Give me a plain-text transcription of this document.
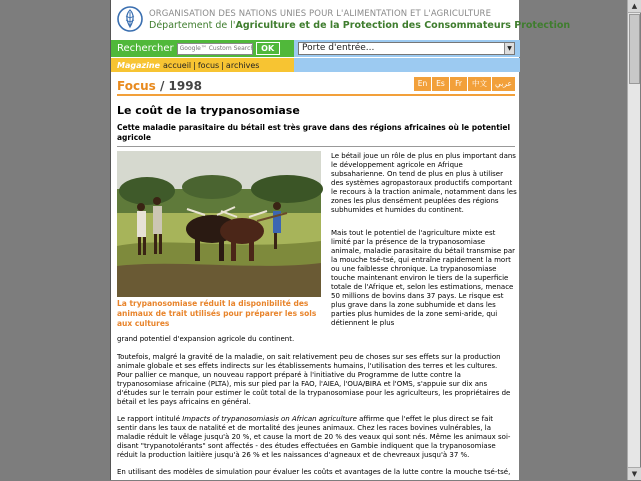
ORGANISATION DES NATIONS UNIES POUR L'ALIMENTATION ET L'AGRICULTURE
Département de l'Agriculture et de la Protection des Consommateurs Protection
Rechercher
Google™ Custom Search	OK	Porte d'entrée...	▼
Magazine accueil | focus | archives
Focus / 1998	En	Es	Fr	中文	عربي
Le coût de la trypanosomiase
Cette maladie parasitaire du bétail est très grave dans des régions africaines où le potentiel agricole
La trypanosomiase réduit la disponibilité des animaux de trait utilisés pour préparer les sols aux cultures
Le bétail joue un rôle de plus en plus important dans le développement agricole en Afrique subsaharienne. On tend de plus en plus à utiliser des systèmes agropastoraux productifs comportant le recours à la traction animale, notamment dans les zones les plus densément peuplées des régions subhumides et humides du continent.
Mais tout le potentiel de l'agriculture mixte est limité par la présence de la trypanosomiase animale, maladie parasitaire du bétail transmise par la mouche tsé-tsé, qui entraîne rapidement la mort ou une faiblesse chronique. La trypanosomiase touche maintenant environ le tiers de la superficie totale de l'Afrique et, selon les estimations, menace 50 millions de bovins dans 37 pays. Le risque est plus grave dans la zone subhumide et dans les parties plus humides de la zone semi-aride, qui détiennent le plus
grand potentiel d'expansion agricole du continent.
Toutefois, malgré la gravité de la maladie, on sait relativement peu de choses sur ses effets sur la production animale globale et ses effets indirects sur les établissements humains, l'utilisation des terres et les cultures. Pour pallier ce manque, un nouveau rapport préparé à l'initiative du Programme de lutte contre la trypanosomiase africaine (PLTA), mis sur pied par la FAO, l'AIEA, l'OUA/BIRA et l'OMS, s'appuie sur dix ans d'études sur le terrain pour estimer le coût total de la trypanosomiase pour les agriculteurs, les propriétaires de bétail et les pays africains en général.
Le rapport intitulé Impacts of trypanosomiasis on African agriculture affirme que l'effet le plus direct se fait sentir dans les taux de natalité et de mortalité des jeunes animaux. Chez les races bovines vulnérables, la maladie réduit le vêlage jusqu'à 20 %, et cause la mort de 20 % des veaux qui sont nés. Même les animaux soi-disant "trypanotolérants" sont affectés - des études effectuées en Gambie indiquent que la trypanosomiase réduit la production laitière jusqu'à 26 % et les naissances d'agneaux et de chevreaux jusqu'à 37 %.
En utilisant des modèles de simulation pour évaluer les coûts et avantages de la lutte contre la mouche tsé-tsé,
▲
▼
